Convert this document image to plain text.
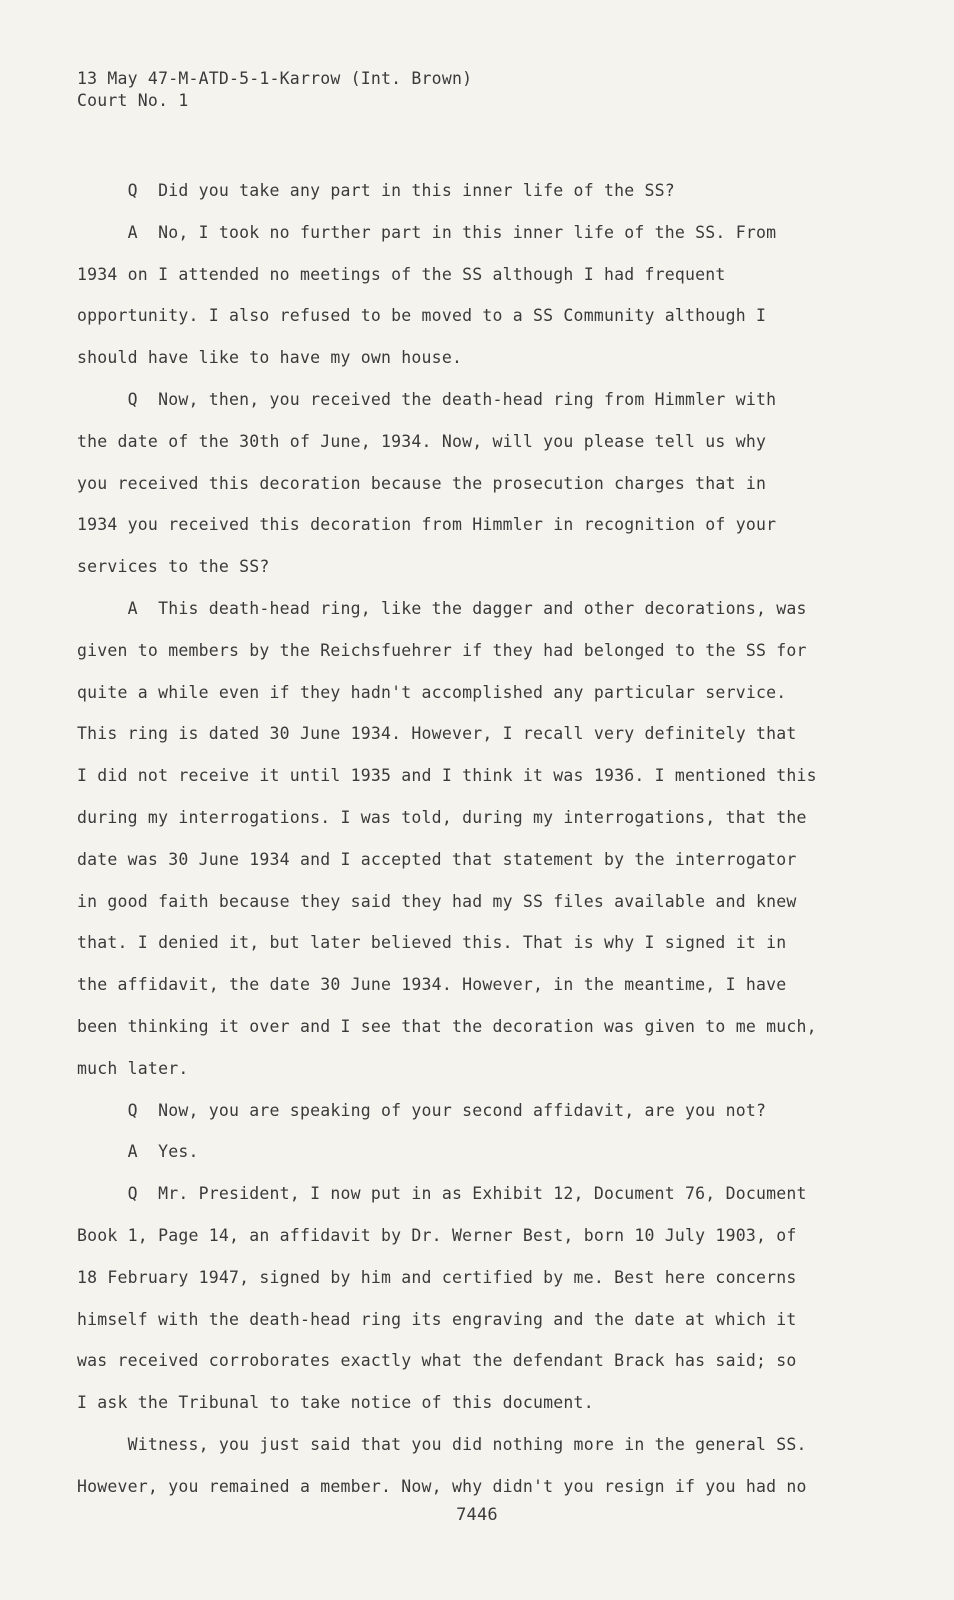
13 May 47-M-ATD-5-1-Karrow (Int. Brown)
Court No. 1
Q  Did you take any part in this inner life of the SS?
A  No, I took no further part in this inner life of the SS. From
1934 on I attended no meetings of the SS although I had frequent
opportunity. I also refused to be moved to a SS Community although I
should have like to have my own house.
Q  Now, then, you received the death-head ring from Himmler with
the date of the 30th of June, 1934. Now, will you please tell us why
you received this decoration because the prosecution charges that in
1934 you received this decoration from Himmler in recognition of your
services to the SS?
A  This death-head ring, like the dagger and other decorations, was
given to members by the Reichsfuehrer if they had belonged to the SS for
quite a while even if they hadn't accomplished any particular service.
This ring is dated 30 June 1934. However, I recall very definitely that
I did not receive it until 1935 and I think it was 1936. I mentioned this
during my interrogations. I was told, during my interrogations, that the
date was 30 June 1934 and I accepted that statement by the interrogator
in good faith because they said they had my SS files available and knew
that. I denied it, but later believed this. That is why I signed it in
the affidavit, the date 30 June 1934. However, in the meantime, I have
been thinking it over and I see that the decoration was given to me much,
much later.
Q  Now, you are speaking of your second affidavit, are you not?
A  Yes.
Q  Mr. President, I now put in as Exhibit 12, Document 76, Document
Book 1, Page 14, an affidavit by Dr. Werner Best, born 10 July 1903, of
18 February 1947, signed by him and certified by me. Best here concerns
himself with the death-head ring its engraving and the date at which it
was received corroborates exactly what the defendant Brack has said; so
I ask the Tribunal to take notice of this document.
Witness, you just said that you did nothing more in the general SS.
However, you remained a member. Now, why didn't you resign if you had no
7446
